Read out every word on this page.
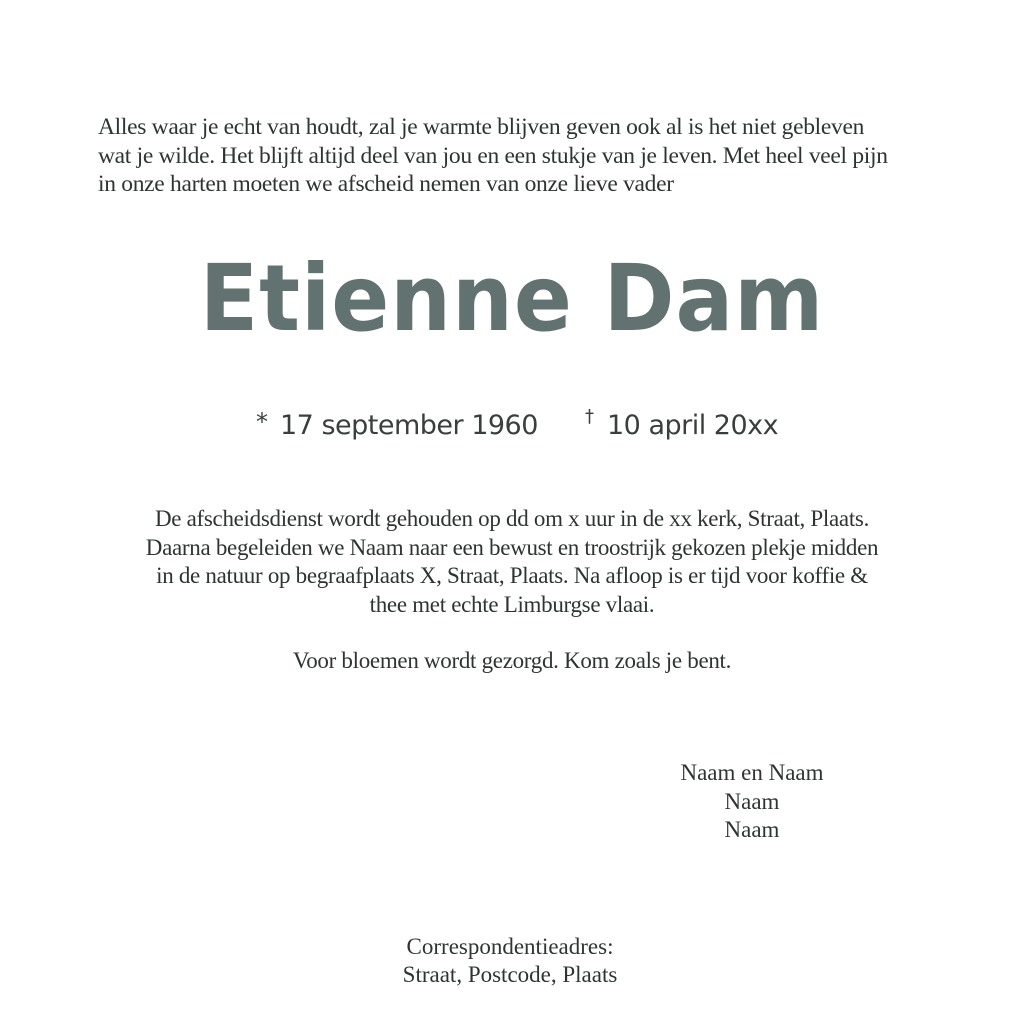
Alles waar je echt van houdt, zal je warmte blijven geven ook al is het niet gebleven
wat je wilde. Het blijft altijd deel van jou en een stukje van je leven. Met heel veel pijn
in onze harten moeten we afscheid nemen van onze lieve vader
Etienne Dam
* 17 september 1960	† 10 april 20xx
De afscheidsdienst wordt gehouden op dd om x uur in de xx kerk, Straat, Plaats.
Daarna begeleiden we Naam naar een bewust en troostrijk gekozen plekje midden
in de natuur op begraafplaats X, Straat, Plaats. Na afloop is er tijd voor koffie &
thee met echte Limburgse vlaai.
Voor bloemen wordt gezorgd. Kom zoals je bent.
Naam en Naam
Naam
Naam
Correspondentieadres:
Straat, Postcode, Plaats
